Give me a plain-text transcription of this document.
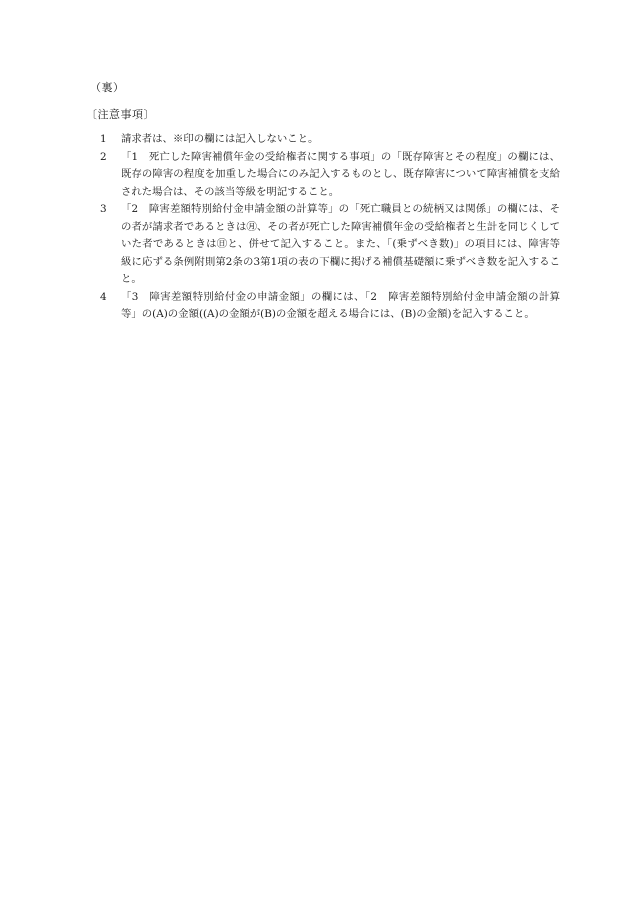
（裏）
〔注意事項〕
1	請求者は、※印の欄には記入しないこと。
2	「1　死亡した障害補償年金の受給権者に関する事項」の「既存障害とその程度」の欄には、既存の障害の程度を加重した場合にのみ記入するものとし、既存障害について障害補償を支給された場合は、その該当等級を明記すること。
3	「2　障害差額特別給付金申請金額の計算等」の「死亡職員との続柄又は関係」の欄には、その者が請求者であるときは㊊、その者が死亡した障害補償年金の受給権者と生計を同じくしていた者であるときは㊐と、併せて記入すること。また、「(乗ずべき数)」の項目には、障害等級に応ずる条例附則第2条の3第1項の表の下欄に掲げる補償基礎額に乗ずべき数を記入すること。
4	「3　障害差額特別給付金の申請金額」の欄には、「2　障害差額特別給付金申請金額の計算等」の(A)の金額((A)の金額が(B)の金額を超える場合には、(B)の金額)を記入すること。
